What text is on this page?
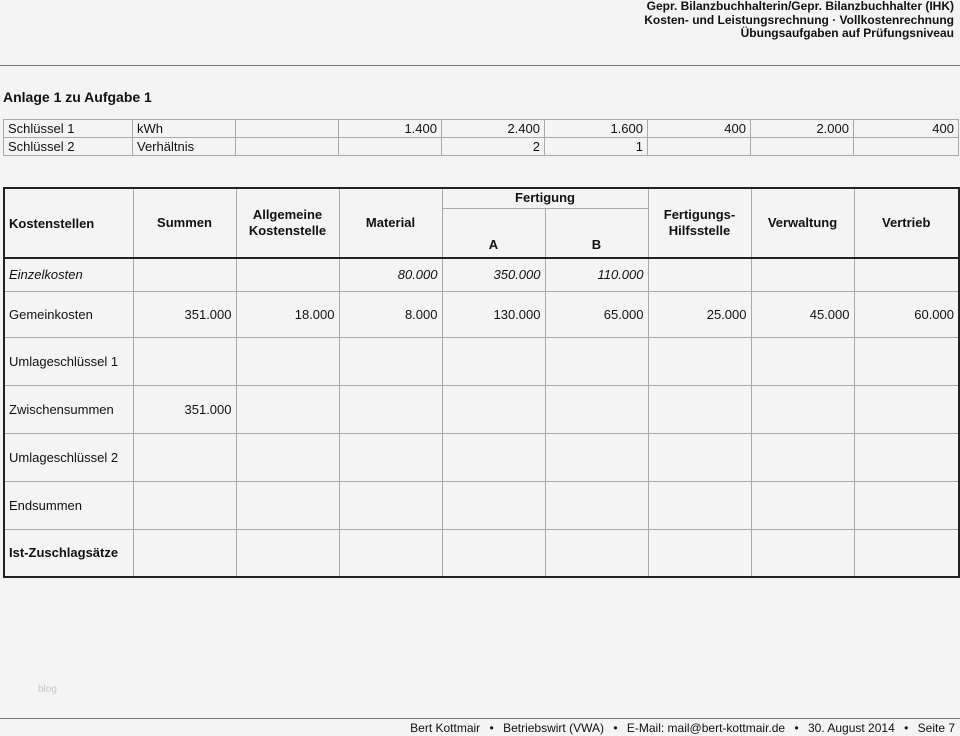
Gepr. Bilanzbuchhalterin/Gepr. Bilanzbuchhalter (IHK)
Kosten- und Leistungsrechnung · Vollkostenrechnung
Übungsaufgaben auf Prüfungsniveau
Anlage 1 zu Aufgabe 1
Schlüssel 1	kWh		1.400	2.400	1.600	400	2.000	400
Schlüssel 2	Verhältnis			2	1			
Kostenstellen	Summen	Allgemeine Kostenstelle	Material	Fertigung		Fertigungs-Hilfsstelle	Verwaltung	Vertrieb
				A	B			
Einzelkosten			80.000	350.000	110.000			
Gemeinkosten	351.000	18.000	8.000	130.000	65.000	25.000	45.000	60.000
Umlageschlüssel 1								
Zwischensummen	351.000							
Umlageschlüssel 2								
Endsummen								
Ist-Zuschlagsätze								
blog
Bert Kottmair • Betriebswirt (VWA) • E-Mail: mail@bert-kottmair.de • 30. August 2014 • Seite 7
